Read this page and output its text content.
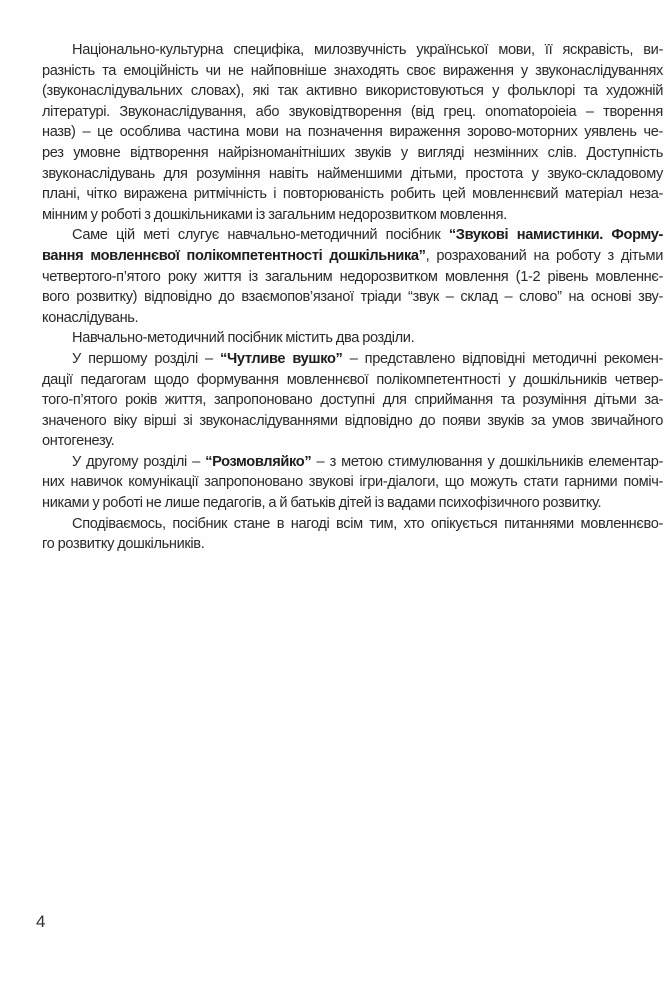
Національно-культурна специфіка, милозвучність української мови, її яскравість, ви-
разність та емоційність чи не найповніше знаходять своє вираження у звуконаслідуваннях
(звуконаслідувальних словах), які так активно використовуються у фольклорі та художній
літературі. Звуконаслідування, або звуковідтворення (від грец. onomatopoieia – творення
назв) – це особлива частина мови на позначення вираження зорово-моторних уявлень че-
рез умовне відтворення найрізноманітніших звуків у вигляді незмінних слів. Доступність
звуконаслідувань для розуміння навіть найменшими дітьми, простота у звуко-складовому
плані, чітко виражена ритмічність і повторюваність робить цей мовленнєвий матеріал неза-
мінним у роботі з дошкільниками із загальним недорозвитком мовлення.
Саме цій меті слугує навчально-методичний посібник “Звукові намистинки. Форму-
вання мовленнєвої полікомпетентності дошкільника”, розрахований на роботу з дітьми
четвертого-п’ятого року життя із загальним недорозвитком мовлення (1-2 рівень мовленнє-
вого розвитку) відповідно до взаємопов’язаної тріади “звук – склад – слово” на основі зву-
конаслідувань.
Навчально-методичний посібник містить два розділи.
У першому розділі – “Чутливе вушко” – представлено відповідні методичні рекомен-
дації педагогам щодо формування мовленнєвої полікомпетентності у дошкільників четвер-
того-п’ятого років життя, запропоновано доступні для сприймання та розуміння дітьми за-
значеного віку вірші зі звуконаслідуваннями відповідно до появи звуків за умов звичайного
онтогенезу.
У другому розділі – “Розмовляйко” – з метою стимулювання у дошкільників елементар-
них навичок комунікації запропоновано звукові ігри-діалоги, що можуть стати гарними поміч-
никами у роботі не лише педагогів, а й батьків дітей із вадами психофізичного розвитку.
Сподіваємось, посібник стане в нагоді всім тим, хто опікується питаннями мовленнєво-
го розвитку дошкільників.
4
